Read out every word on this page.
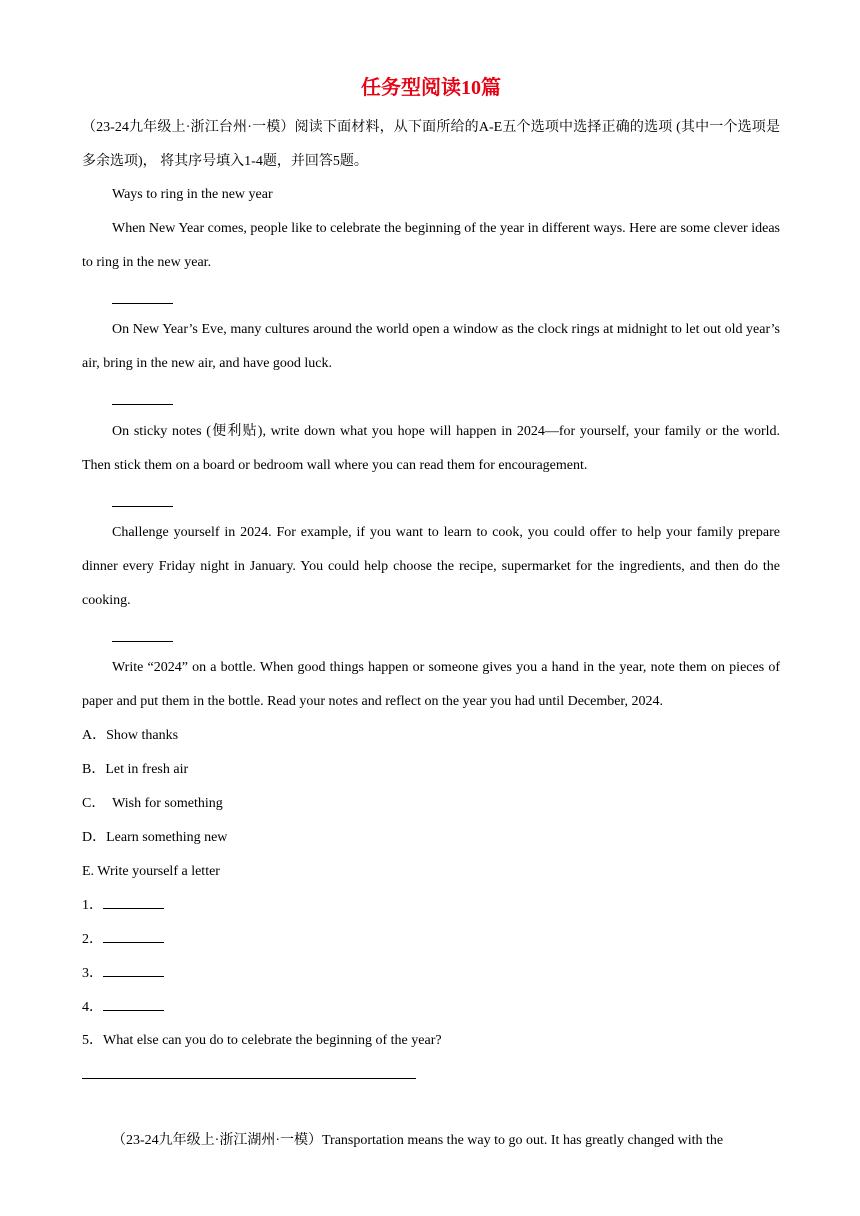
任务型阅读10篇
（23-24九年级上·浙江台州·一模）阅读下面材料，从下面所给的A-E五个选项中选择正确的选项 (其中一个选项是多余选项)， 将其序号填入1-4题，并回答5题。
Ways to ring in the new year
When New Year comes, people like to celebrate the beginning of the year in different ways. Here are some clever ideas to ring in the new year.
On New Year’s Eve, many cultures around the world open a window as the clock rings at midnight to let out old year’s air, bring in the new air, and have good luck.
On sticky notes (便利贴), write down what you hope will happen in 2024—for yourself, your family or the world. Then stick them on a board or bedroom wall where you can read them for encouragement.
Challenge yourself in 2024. For example, if you want to learn to cook, you could offer to help your family prepare dinner every Friday night in January. You could help choose the recipe, supermarket for the ingredients, and then do the cooking.
Write “2024” on a bottle. When good things happen or someone gives you a hand in the year, note them on pieces of paper and put them in the bottle. Read your notes and reflect on the year you had until December, 2024.
A．Show thanks
B．Let in fresh air
C．  Wish for something
D．Learn something new
E. Write yourself a letter
1．
2．
3．
4．
5．What else can you do to celebrate the beginning of the year?
（23-24九年级上·浙江湖州·一模）Transportation means the way to go out. It has greatly changed with the
